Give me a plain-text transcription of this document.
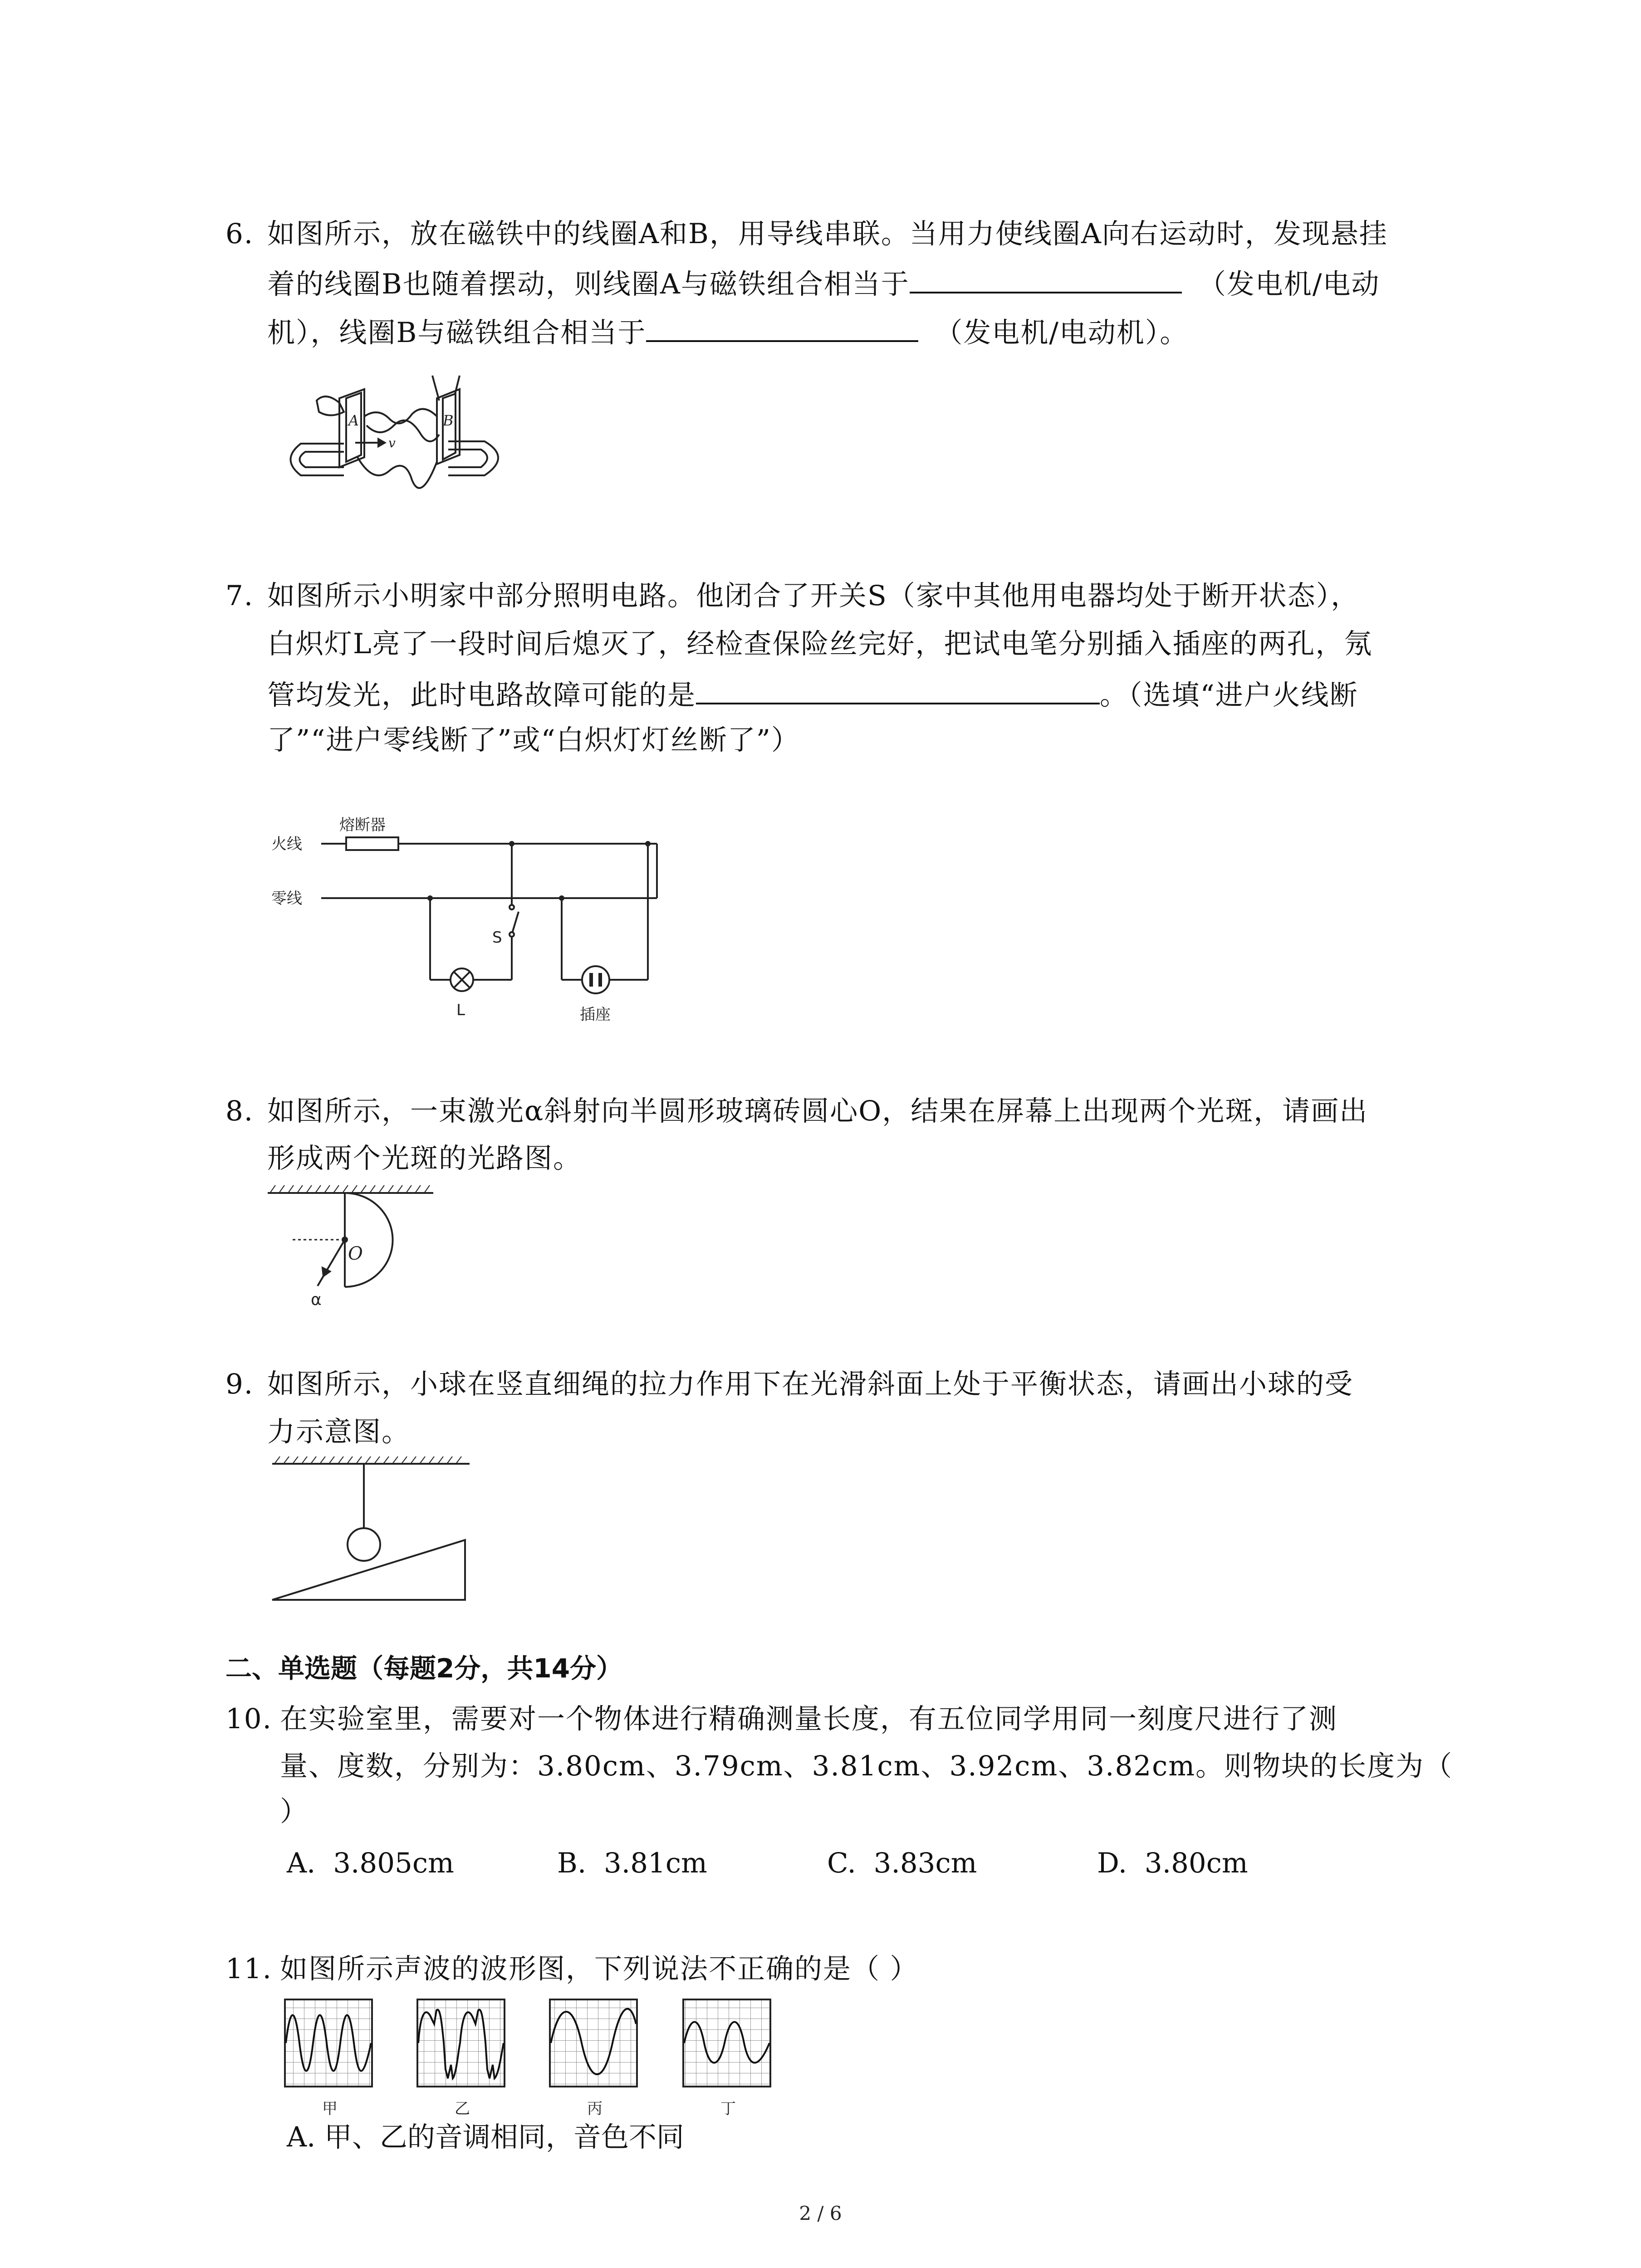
6. 如图所示，放在磁铁中的线圈A和B，用导线串联。当用力使线圈A向右运动时，发现悬挂
着的线圈B也随着摆动，则线圈A与磁铁组合相当于	（发电机/电动
机），线圈B与磁铁组合相当于	（发电机/电动机）。
A	B
v
7. 如图所示小明家中部分照明电路。他闭合了开关S（家中其他用电器均处于断开状态），
白炽灯L亮了一段时间后熄灭了，经检查保险丝完好，把试电笔分别插入插座的两孔，氖
管均发光，此时电路故障可能的是	。（选填“进户火线断
了”“进户零线断了”或“白炽灯灯丝断了”）
熔断器
火线
零线
S
L	插座
8. 如图所示，一束激光α斜射向半圆形玻璃砖圆心O，结果在屏幕上出现两个光斑，请画出
形成两个光斑的光路图。
O
α
9. 如图所示，小球在竖直细绳的拉力作用下在光滑斜面上处于平衡状态，请画出小球的受
力示意图。
二、单选题（每题2分，共14分）
10. 在实验室里，需要对一个物体进行精确测量长度，有五位同学用同一刻度尺进行了测
量、度数，分别为：3.80cm、3.79cm、3.81cm、3.92cm、3.82cm。则物块的长度为（
）
A. 3.805cm	B. 3.81cm	C. 3.83cm	D. 3.80cm
11. 如图所示声波的波形图，下列说法不正确的是（ ）
甲	乙	丙	丁
A. 甲、乙的音调相同，音色不同
2 / 6
